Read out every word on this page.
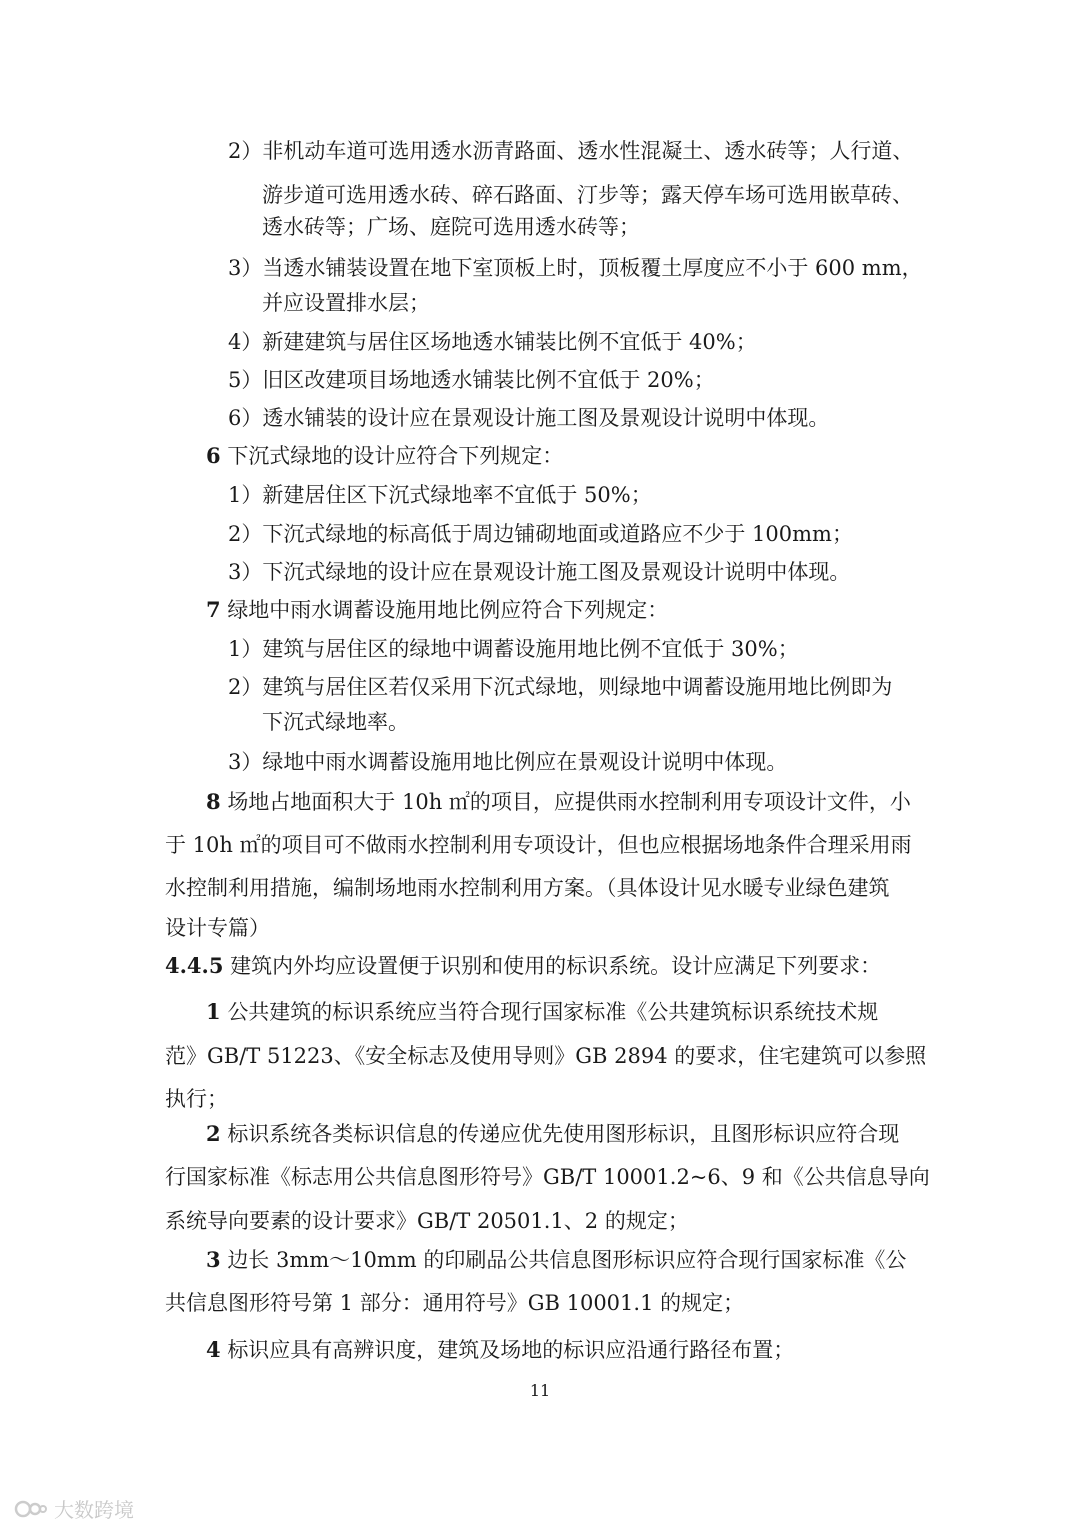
2）非机动车道可选用透水沥青路面、透水性混凝土、透水砖等；人行道、
游步道可选用透水砖、碎石路面、汀步等；露天停车场可选用嵌草砖、
透水砖等；广场、庭院可选用透水砖等；
3）当透水铺装设置在地下室顶板上时，顶板覆土厚度应不小于 600 mm，
并应设置排水层；
4）新建建筑与居住区场地透水铺装比例不宜低于 40%；
5）旧区改建项目场地透水铺装比例不宜低于 20%；
6）透水铺装的设计应在景观设计施工图及景观设计说明中体现。
6 下沉式绿地的设计应符合下列规定：
1）新建居住区下沉式绿地率不宜低于 50%；
2）下沉式绿地的标高低于周边铺砌地面或道路应不少于 100mm；
3）下沉式绿地的设计应在景观设计施工图及景观设计说明中体现。
7 绿地中雨水调蓄设施用地比例应符合下列规定：
1）建筑与居住区的绿地中调蓄设施用地比例不宜低于 30%；
2）建筑与居住区若仅采用下沉式绿地，则绿地中调蓄设施用地比例即为
下沉式绿地率。
3）绿地中雨水调蓄设施用地比例应在景观设计说明中体现。
8 场地占地面积大于 10h ㎡的项目，应提供雨水控制利用专项设计文件，小
于 10h ㎡的项目可不做雨水控制利用专项设计，但也应根据场地条件合理采用雨
水控制利用措施，编制场地雨水控制利用方案。（具体设计见水暖专业绿色建筑
设计专篇）
4.4.5 建筑内外均应设置便于识别和使用的标识系统。设计应满足下列要求：
1 公共建筑的标识系统应当符合现行国家标准《公共建筑标识系统技术规
范》GB/T 51223、《安全标志及使用导则》GB 2894 的要求，住宅建筑可以参照
执行；
2 标识系统各类标识信息的传递应优先使用图形标识，且图形标识应符合现
行国家标准《标志用公共信息图形符号》GB/T 10001.2~6、9 和《公共信息导向
系统导向要素的设计要求》GB/T 20501.1、2 的规定；
3 边长 3mm～10mm 的印刷品公共信息图形标识应符合现行国家标准《公
共信息图形符号第 1 部分：通用符号》GB 10001.1 的规定；
4 标识应具有高辨识度，建筑及场地的标识应沿通行路径布置；
11
大数跨境
